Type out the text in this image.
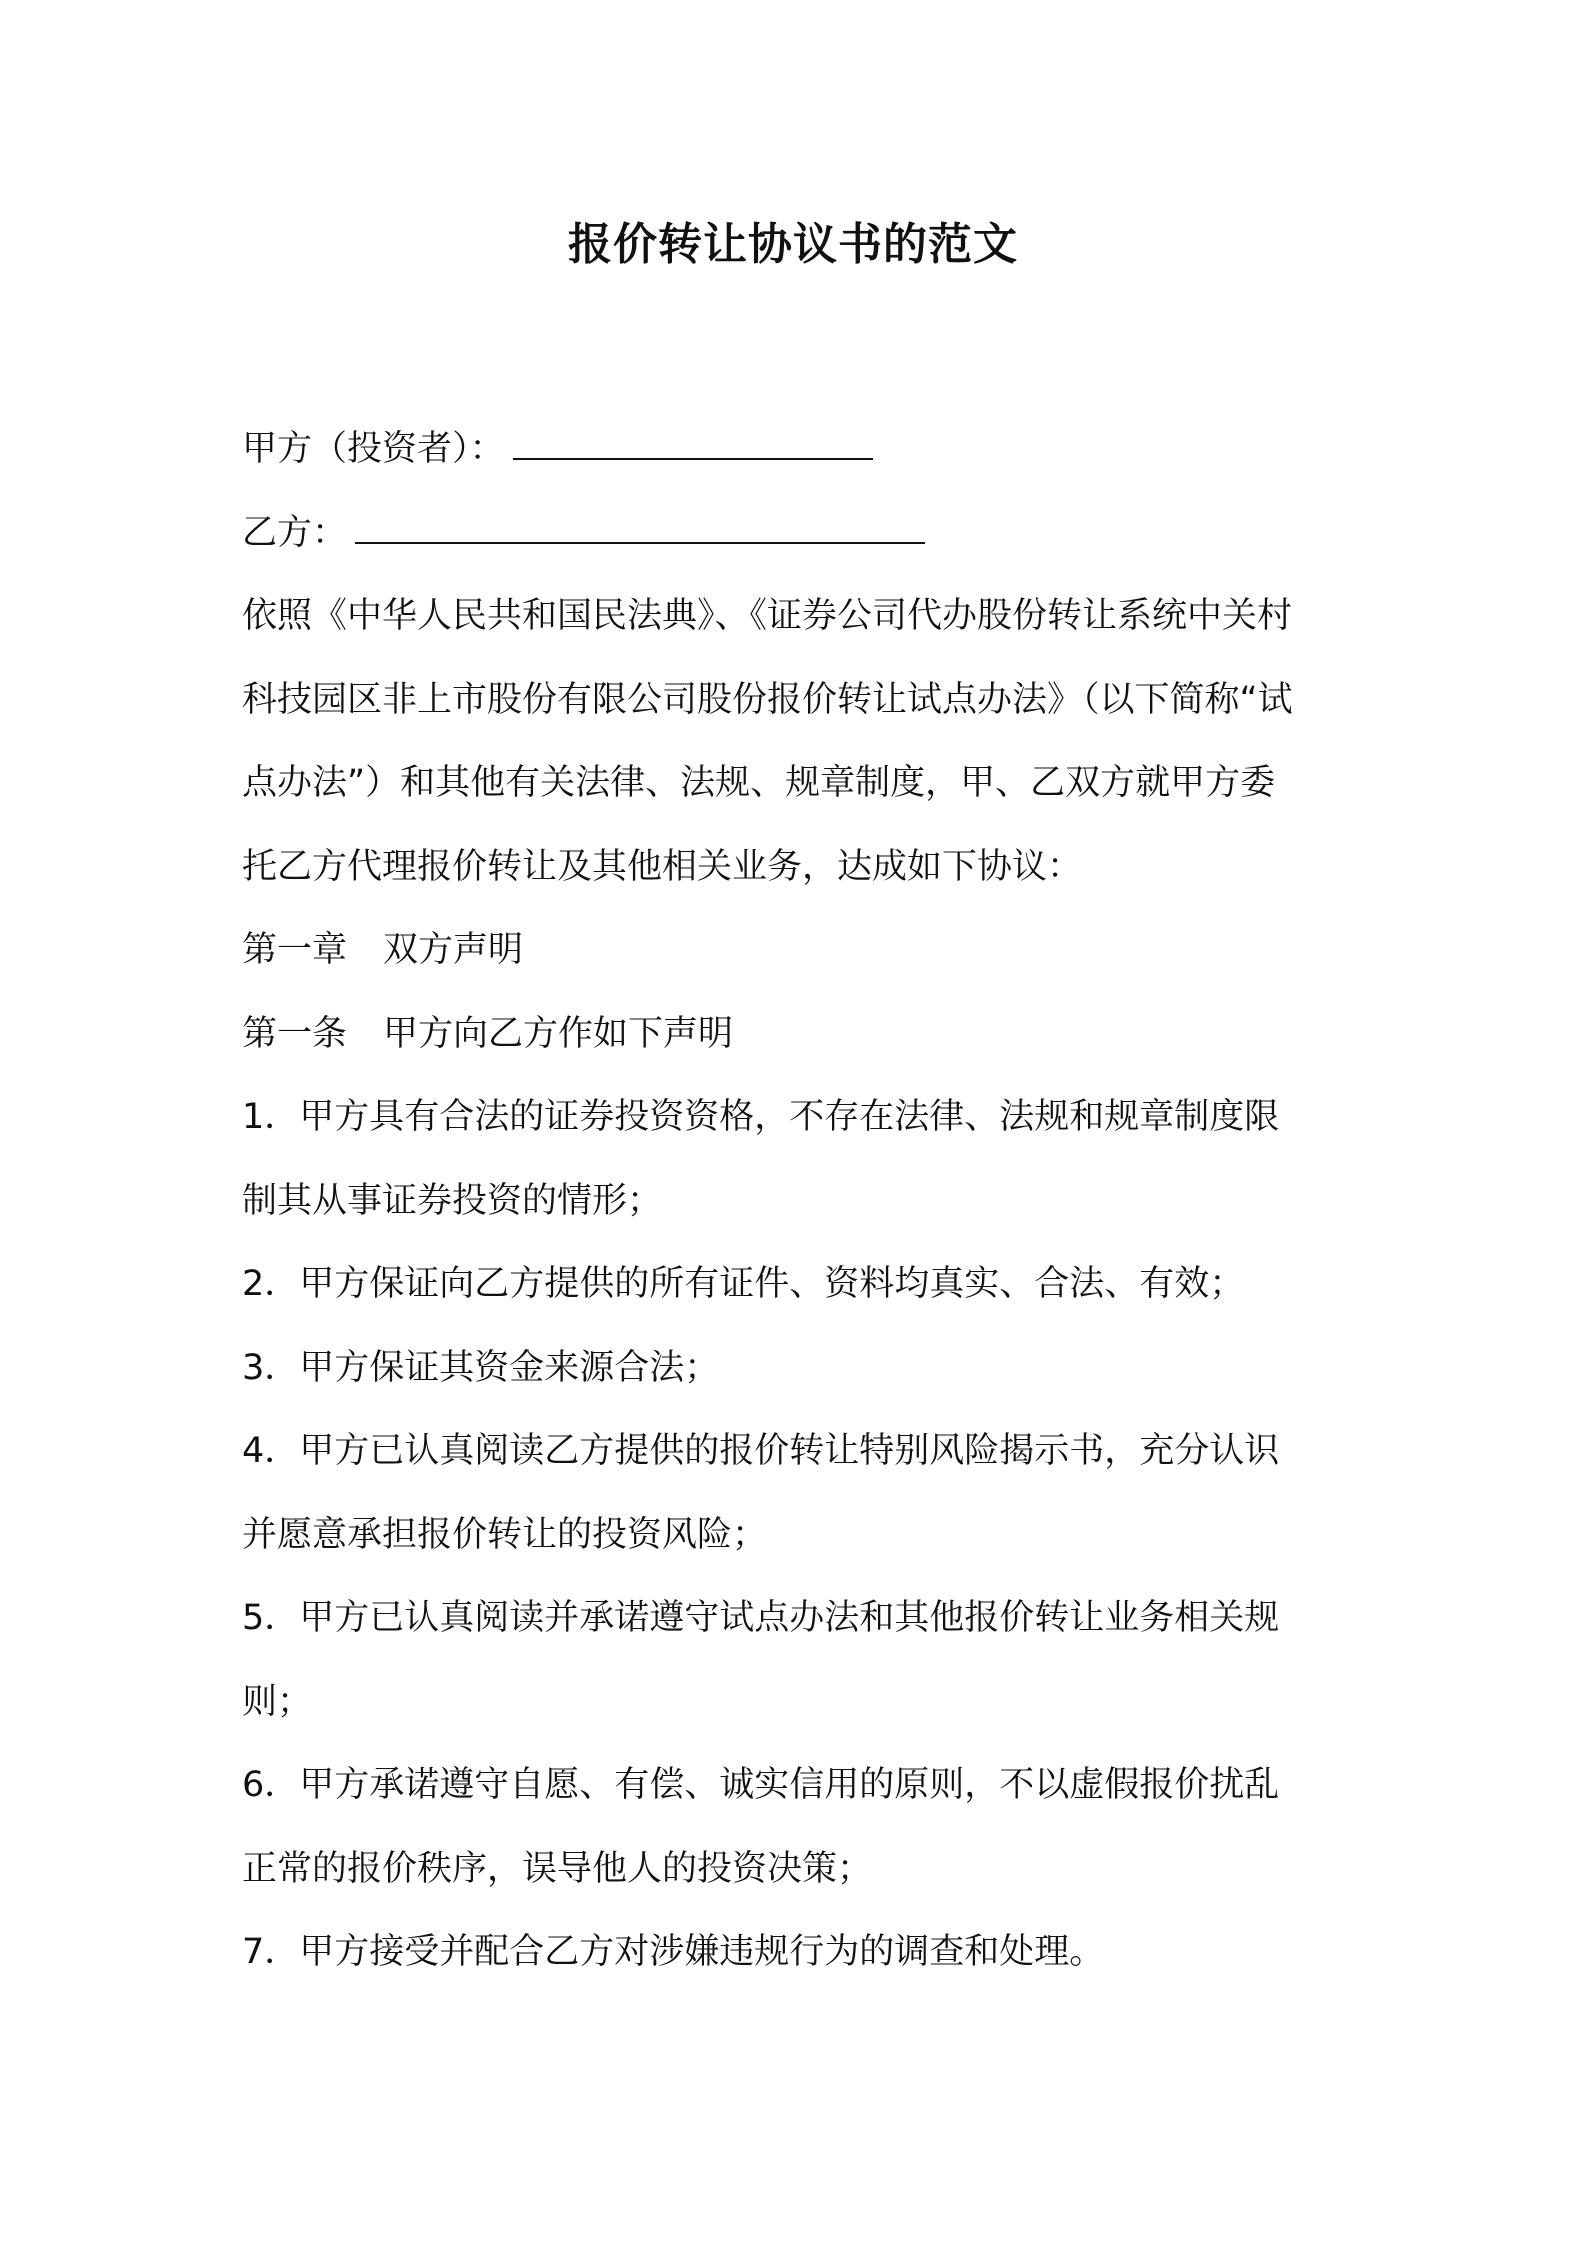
报价转让协议书的范文
甲方（投资者）：
乙方：
依照《中华人民共和国民法典》、《证券公司代办股份转让系统中关村
科技园区非上市股份有限公司股份报价转让试点办法》（以下简称“试
点办法”）和其他有关法律、法规、规章制度，甲、乙双方就甲方委
托乙方代理报价转让及其他相关业务，达成如下协议：
第一章 双方声明
第一条 甲方向乙方作如下声明
1．甲方具有合法的证券投资资格，不存在法律、法规和规章制度限
制其从事证券投资的情形；
2．甲方保证向乙方提供的所有证件、资料均真实、合法、有效；
3．甲方保证其资金来源合法；
4．甲方已认真阅读乙方提供的报价转让特别风险揭示书，充分认识
并愿意承担报价转让的投资风险；
5．甲方已认真阅读并承诺遵守试点办法和其他报价转让业务相关规
则；
6．甲方承诺遵守自愿、有偿、诚实信用的原则，不以虚假报价扰乱
正常的报价秩序，误导他人的投资决策；
7．甲方接受并配合乙方对涉嫌违规行为的调查和处理。
